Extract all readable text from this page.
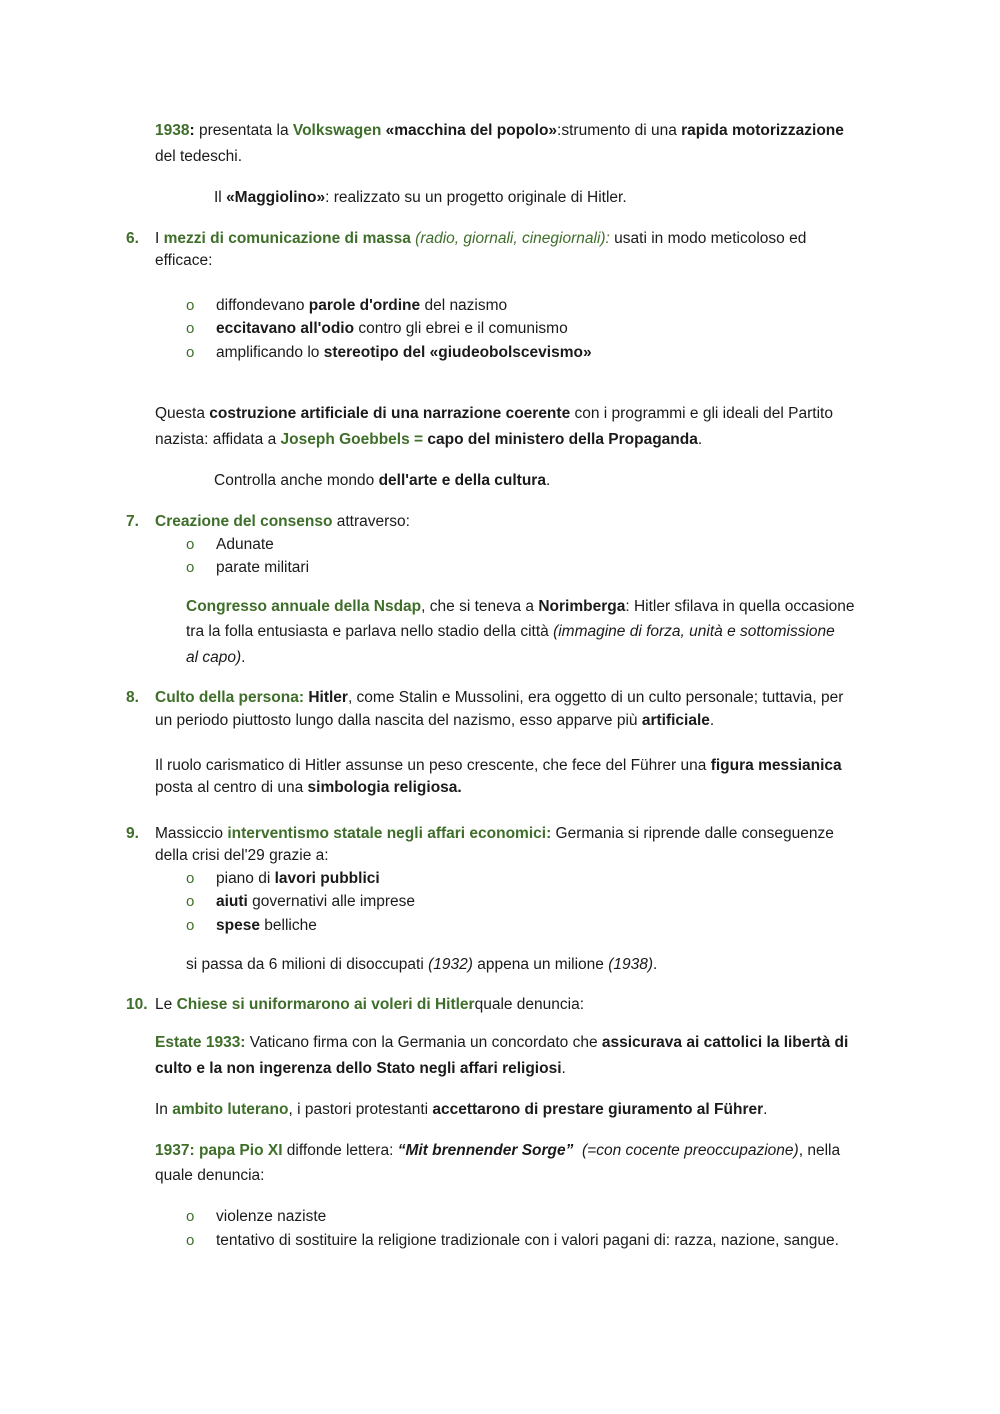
1938: presentata la Volkswagen «macchina del popolo»:strumento di una rapida motorizzazione
del tedeschi.
Il «Maggiolino»: realizzato su un progetto originale di Hitler.
6. I mezzi di comunicazione di massa (radio, giornali, cinegiornali): usati in modo meticoloso ed
efficace:
o diffondevano parole d'ordine del nazismo
o eccitavano all'odio contro gli ebrei e il comunismo
o amplificando lo stereotipo del «giudeobolscevismo»
Questa costruzione artificiale di una narrazione coerente con i programmi e gli ideali del Partito
nazista: affidata a Joseph Goebbels = capo del ministero della Propaganda.
Controlla anche mondo dell'arte e della cultura.
7. Creazione del consenso attraverso:
o Adunate
o parate militari
Congresso annuale della Nsdap, che si teneva a Norimberga: Hitler sfilava in quella occasione
tra la folla entusiasta e parlava nello stadio della città (immagine di forza, unità e sottomissione
al capo).
8. Culto della persona: Hitler, come Stalin e Mussolini, era oggetto di un culto personale; tuttavia, per
un periodo piuttosto lungo dalla nascita del nazismo, esso apparve più artificiale.
Il ruolo carismatico di Hitler assunse un peso crescente, che fece del Führer una figura messianica
posta al centro di una simbologia religiosa.
9. Massiccio interventismo statale negli affari economici: Germania si riprende dalle conseguenze
della crisi del'29 grazie a:
o piano di lavori pubblici
o aiuti governativi alle imprese
o spese belliche
si passa da 6 milioni di disoccupati (1932) appena un milione (1938).
10. Le Chiese si uniformarono ai voleri di Hitlerquale denuncia:
Estate 1933: Vaticano firma con la Germania un concordato che assicurava ai cattolici la libertà di
culto e la non ingerenza dello Stato negli affari religiosi.
In ambito luterano, i pastori protestanti accettarono di prestare giuramento al Führer.
1937: papa Pio XI diffonde lettera: “Mit brennender Sorge” (=con cocente preoccupazione), nella
quale denuncia:
o violenze naziste
o tentativo di sostituire la religione tradizionale con i valori pagani di: razza, nazione, sangue.
